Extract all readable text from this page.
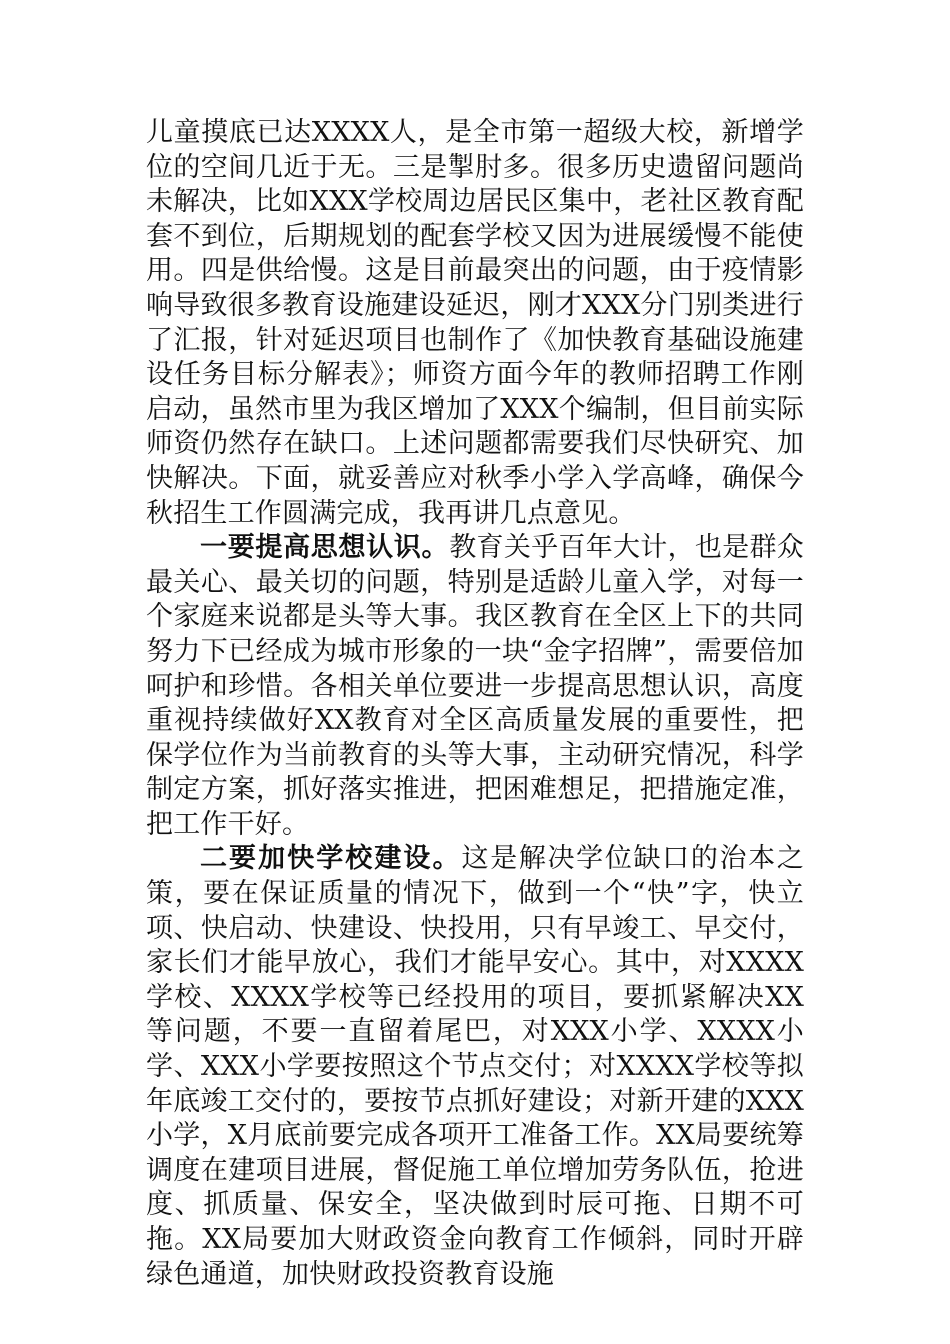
儿童摸底已达XXXX人，是全市第一超级大校，新增学位的空间几近于无。三是掣肘多。很多历史遗留问题尚未解决，比如XXX学校周边居民区集中，老社区教育配套不到位，后期规划的配套学校又因为进展缓慢不能使用。四是供给慢。这是目前最突出的问题，由于疫情影响导致很多教育设施建设延迟，刚才XXX分门别类进行了汇报，针对延迟项目也制作了《加快教育基础设施建设任务目标分解表》；师资方面今年的教师招聘工作刚启动，虽然市里为我区增加了XXX个编制，但目前实际师资仍然存在缺口。上述问题都需要我们尽快研究、加快解决。下面，就妥善应对秋季小学入学高峰，确保今秋招生工作圆满完成，我再讲几点意见。

一要提高思想认识。教育关乎百年大计，也是群众最关心、最关切的问题，特别是适龄儿童入学，对每一个家庭来说都是头等大事。我区教育在全区上下的共同努力下已经成为城市形象的一块“金字招牌”，需要倍加呵护和珍惜。各相关单位要进一步提高思想认识，高度重视持续做好XX教育对全区高质量发展的重要性，把保学位作为当前教育的头等大事，主动研究情况，科学制定方案，抓好落实推进，把困难想足，把措施定准，把工作干好。

二要加快学校建设。这是解决学位缺口的治本之策，要在保证质量的情况下，做到一个“快”字，快立项、快启动、快建设、快投用，只有早竣工、早交付，家长们才能早放心，我们才能早安心。其中，对XXXX学校、XXXX学校等已经投用的项目，要抓紧解决XX等问题，不要一直留着尾巴，对XXX小学、XXXX小学、XXX小学要按照这个节点交付；对XXXX学校等拟年底竣工交付的，要按节点抓好建设；对新开建的XXX小学，X月底前要完成各项开工准备工作。XX局要统筹调度在建项目进展，督促施工单位增加劳务队伍，抢进度、抓质量、保安全，坚决做到时辰可拖、日期不可拖。XX局要加大财政资金向教育工作倾斜，同时开辟绿色通道，加快财政投资教育设施
